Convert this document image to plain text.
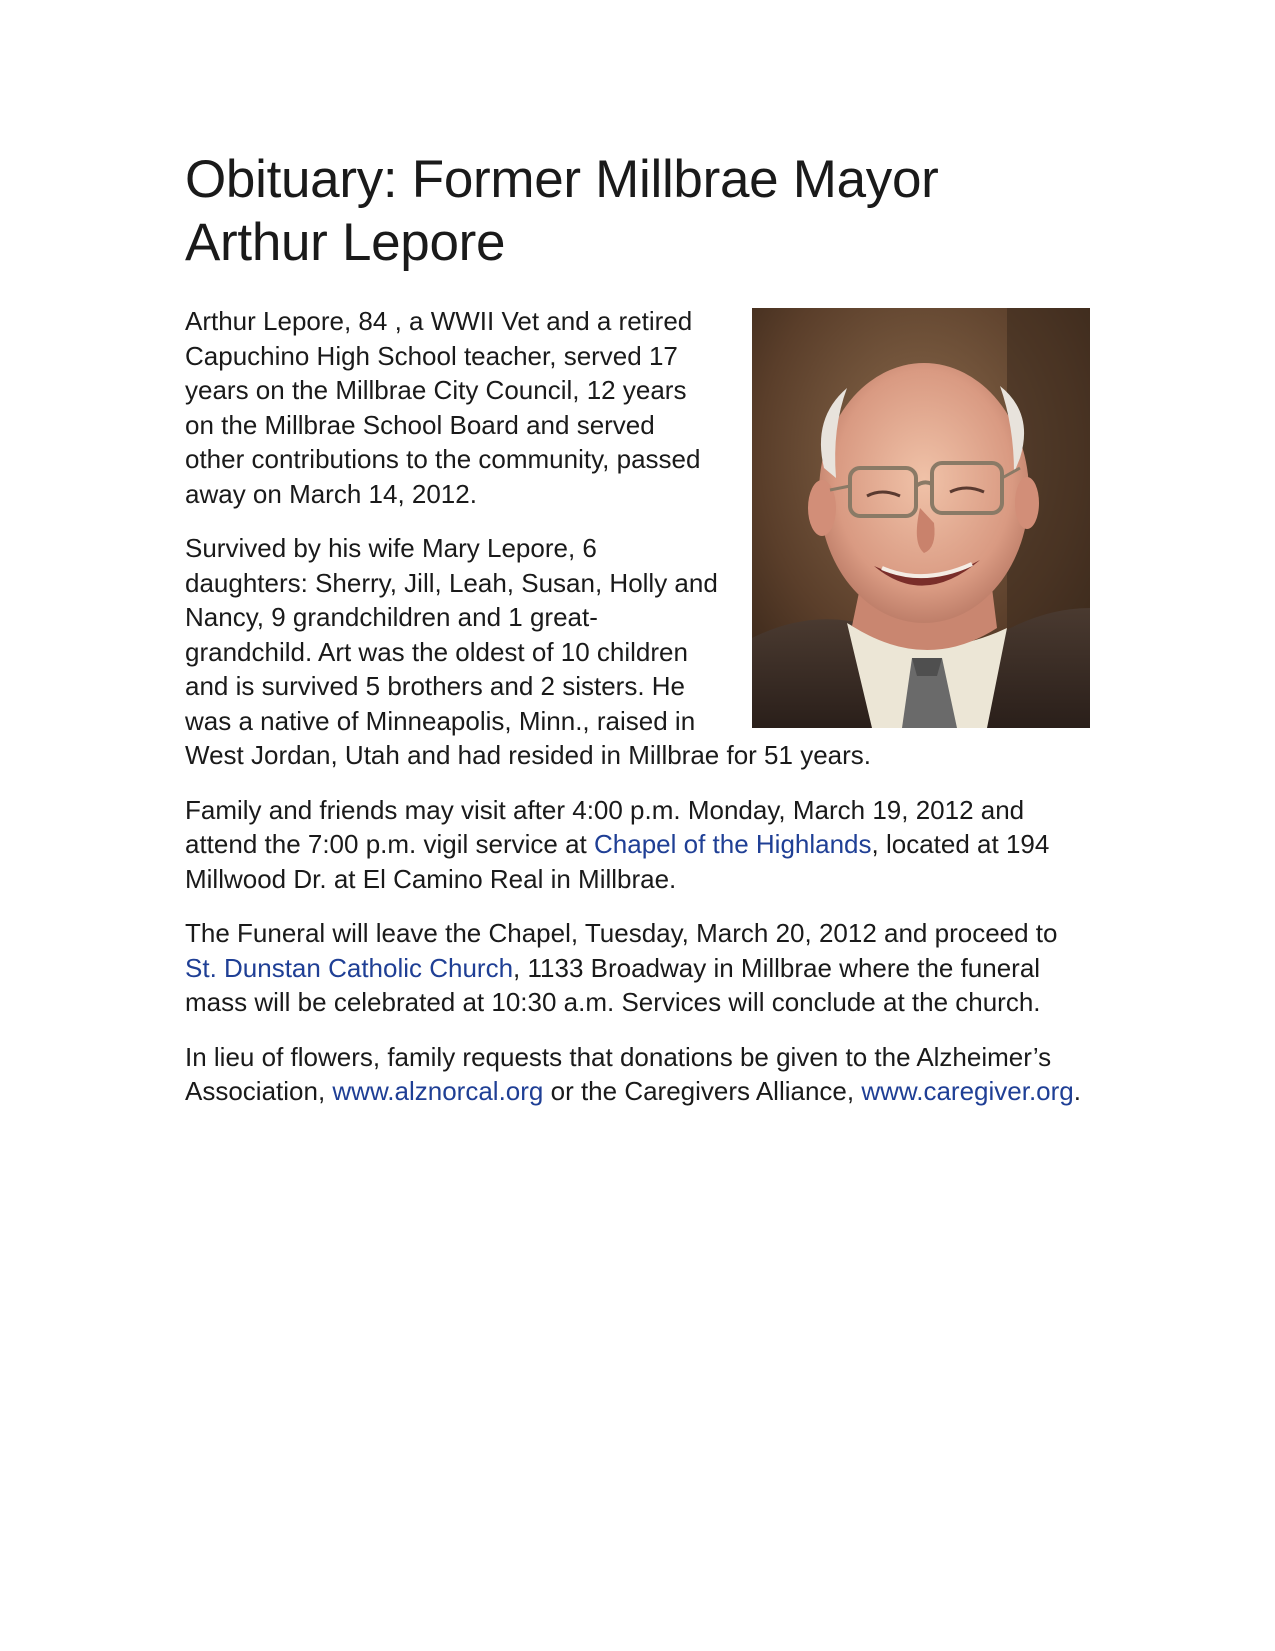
Obituary: Former Millbrae Mayor Arthur Lepore

Arthur Lepore, 84 , a WWII Vet and a retired Capuchino High School teacher, served 17 years on the Millbrae City Council, 12 years on the Millbrae School Board and served other contributions to the community, passed away on March 14, 2012.

Survived by his wife Mary Lepore, 6 daughters: Sherry, Jill, Leah, Susan, Holly and Nancy, 9 grandchildren and 1 great-grandchild. Art was the oldest of 10 children and is survived 5 brothers and 2 sisters. He was a native of Minneapolis, Minn., raised in West Jordan, Utah and had resided in Millbrae for 51 years.

Family and friends may visit after 4:00 p.m. Monday, March 19, 2012 and attend the 7:00 p.m. vigil service at Chapel of the Highlands, located at 194 Millwood Dr. at El Camino Real in Millbrae.

The Funeral will leave the Chapel, Tuesday, March 20, 2012 and proceed to St. Dunstan Catholic Church, 1133 Broadway in Millbrae where the funeral mass will be celebrated at 10:30 a.m. Services will conclude at the church.

In lieu of flowers, family requests that donations be given to the Alzheimer’s Association, www.alznorcal.org or the Caregivers Alliance, www.caregiver.org.
